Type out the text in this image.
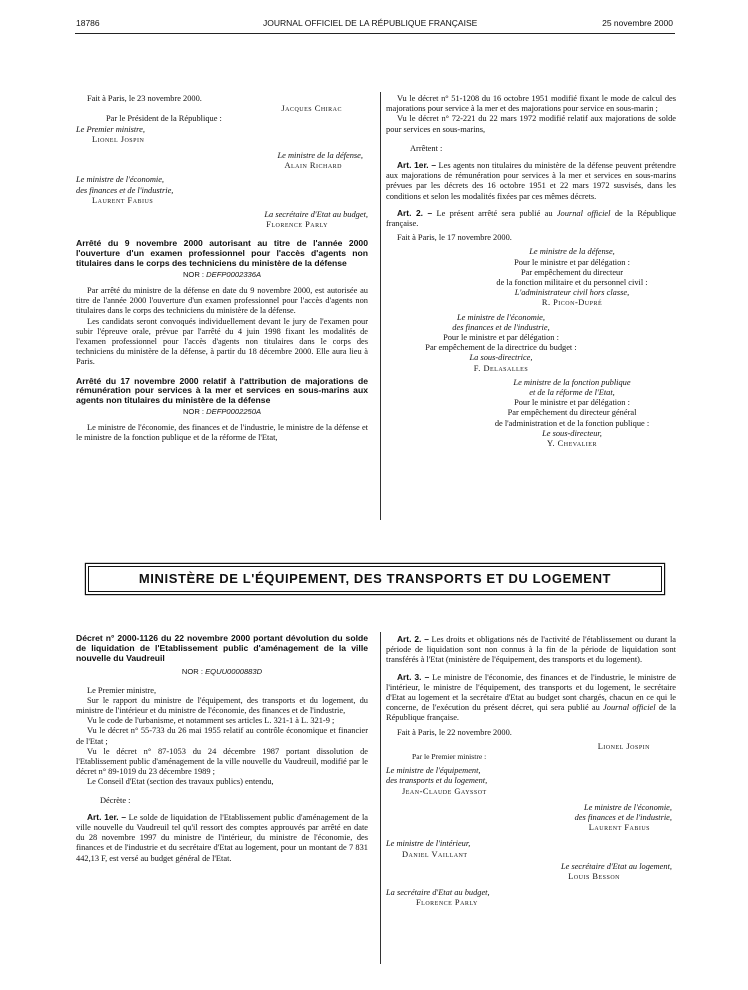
18786	JOURNAL OFFICIEL DE LA RÉPUBLIQUE FRANÇAISE	25 novembre 2000

Fait à Paris, le 23 novembre 2000.

Jacques Chirac

Par le Président de la République :

Le Premier ministre,

Lionel Jospin

Le ministre de la défense,

Alain Richard

Le ministre de l'économie,

des finances et de l'industrie,

Laurent Fabius

La secrétaire d'Etat au budget,

Florence Parly

Arrêté du 9 novembre 2000 autorisant au titre de l'année 2000 l'ouverture d'un examen professionnel pour l'accès d'agents non titulaires dans le corps des techniciens du ministère de la défense

NOR : DEFP0002336A

Par arrêté du ministre de la défense en date du 9 novembre 2000, est autorisée au titre de l'année 2000 l'ouverture d'un examen professionnel pour l'accès d'agents non titulaires dans le corps des techniciens du ministère de la défense.

Les candidats seront convoqués individuellement devant le jury de l'examen pour subir l'épreuve orale, prévue par l'arrêté du 4 juin 1998 fixant les modalités de l'examen professionnel pour l'accès d'agents non titulaires dans le corps des techniciens du ministère de la défense, à partir du 18 décembre 2000. Elle aura lieu à Paris.

Arrêté du 17 novembre 2000 relatif à l'attribution de majorations de rémunération pour services à la mer et services en sous-marins aux agents non titulaires du ministère de la défense

NOR : DEFP0002250A

Le ministre de l'économie, des finances et de l'industrie, le ministre de la défense et le ministre de la fonction publique et de la réforme de l'Etat,

Vu le décret n° 51-1208 du 16 octobre 1951 modifié fixant le mode de calcul des majorations pour service à la mer et des majorations pour service en sous-marin ;

Vu le décret n° 72-221 du 22 mars 1972 modifié relatif aux majorations de solde pour services en sous-marins,

Arrêtent :

Art. 1er. – Les agents non titulaires du ministère de la défense peuvent prétendre aux majorations de rémunération pour services à la mer et services en sous-marins prévues par les décrets des 16 octobre 1951 et 22 mars 1972 susvisés, dans les conditions et selon les modalités fixées par ces mêmes décrets.

Art. 2. – Le présent arrêté sera publié au Journal officiel de la République française.

Fait à Paris, le 17 novembre 2000.

Le ministre de la défense,

Pour le ministre et par délégation :

Par empêchement du directeur

de la fonction militaire et du personnel civil :

L'administrateur civil hors classe,

R. Picon-Dupré

Le ministre de l'économie,

des finances et de l'industrie,

Pour le ministre et par délégation :

Par empêchement de la directrice du budget :

La sous-directrice,

F. Delasalles

Le ministre de la fonction publique

et de la réforme de l'Etat,

Pour le ministre et par délégation :

Par empêchement du directeur général

de l'administration et de la fonction publique :

Le sous-directeur,

Y. Chevalier

MINISTÈRE DE L'ÉQUIPEMENT, DES TRANSPORTS ET DU LOGEMENT

Décret n° 2000-1126 du 22 novembre 2000 portant dévolution du solde de liquidation de l'Etablissement public d'aménagement de la ville nouvelle du Vaudreuil

NOR : EQUU0000883D

Le Premier ministre,

Sur le rapport du ministre de l'équipement, des transports et du logement, du ministre de l'intérieur et du ministre de l'économie, des finances et de l'industrie,

Vu le code de l'urbanisme, et notamment ses articles L. 321-1 à L. 321-9 ;

Vu le décret n° 55-733 du 26 mai 1955 relatif au contrôle économique et financier de l'Etat ;

Vu le décret n° 87-1053 du 24 décembre 1987 portant dissolution de l'Etablissement public d'aménagement de la ville nouvelle du Vaudreuil, modifié par le décret n° 89-1019 du 23 décembre 1989 ;

Le Conseil d'Etat (section des travaux publics) entendu,

Décrète :

Art. 1er. – Le solde de liquidation de l'Etablissement public d'aménagement de la ville nouvelle du Vaudreuil tel qu'il ressort des comptes approuvés par arrêté en date du 28 novembre 1997 du ministre de l'intérieur, du ministre de l'économie, des finances et de l'industrie et du secrétaire d'Etat au logement, pour un montant de 7 831 442,13 F, est versé au budget général de l'Etat.

Art. 2. – Les droits et obligations nés de l'activité de l'établissement ou durant la période de liquidation sont non connus à la fin de la période de liquidation sont transférés à l'Etat (ministère de l'équipement, des transports et du logement).

Art. 3. – Le ministre de l'économie, des finances et de l'industrie, le ministre de l'intérieur, le ministre de l'équipement, des transports et du logement, le secrétaire d'Etat au logement et la secrétaire d'Etat au budget sont chargés, chacun en ce qui le concerne, de l'exécution du présent décret, qui sera publié au Journal officiel de la République française.

Fait à Paris, le 22 novembre 2000.

Lionel Jospin

Par le Premier ministre :

Le ministre de l'équipement,

des transports et du logement,

Jean-Claude Gayssot

Le ministre de l'économie,

des finances et de l'industrie,

Laurent Fabius

Le ministre de l'intérieur,

Daniel Vaillant

Le secrétaire d'Etat au logement,

Louis Besson

La secrétaire d'Etat au budget,

Florence Parly
